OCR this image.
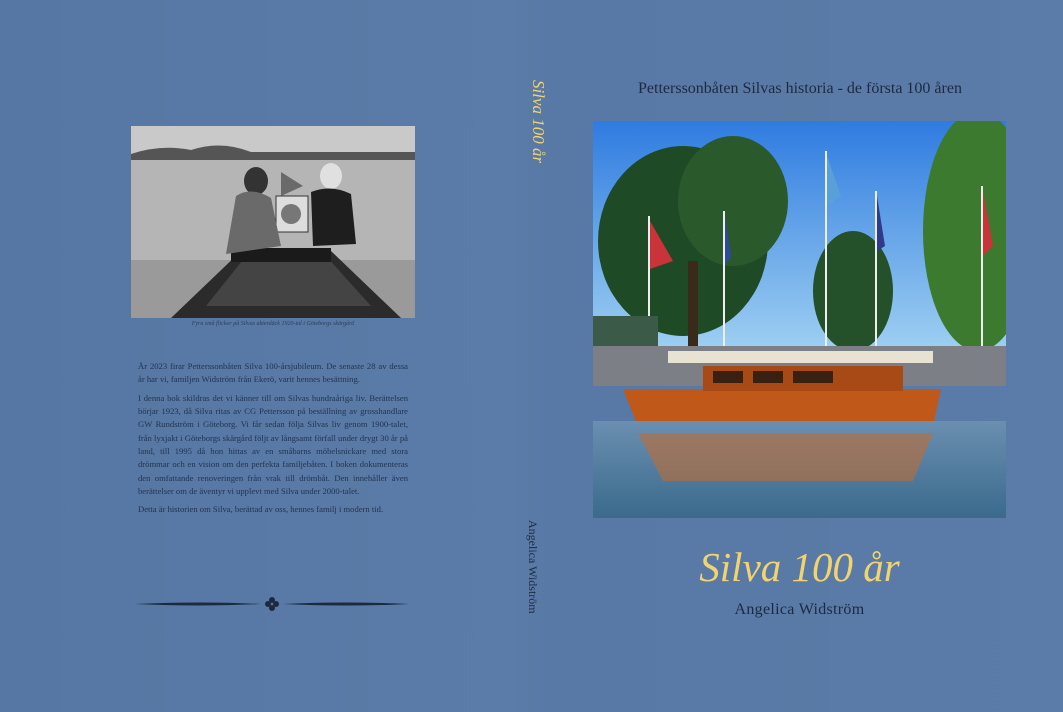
Fyra små flickor på Silvas akterdäck 1920-tal i Göteborgs skärgård

År 2023 firar Petterssonbåten Silva 100-årsjubileum. De senaste 28 av dessa år har vi, familjen Widström från Ekerö, varit hennes besättning.

I denna bok skildras det vi känner till om Silvas hundraåriga liv. Berättelsen börjar 1923, då Silva ritas av CG Pettersson på beställning av grosshandlare GW Rundström i Göteborg. Vi får sedan följa Silvas liv genom 1900-talet, från lyxjakt i Göteborgs skärgård följt av långsamt förfall under drygt 30 år på land, till 1995 då hon hittas av en småbarns möbelsnickare med stora drömmar och en vision om den perfekta familjebåten. I boken dokumenteras den omfattande renoveringen från vrak till drömbåt. Den innehåller även berättelser om de äventyr vi upplevt med Silva under 2000-talet.

Detta är historien om Silva, berättad av oss, hennes familj i modern tid.

Silva 100 år
Angelica Widström
Petterssonbåten Silvas historia - de första 100 åren
Silva 100 år
Angelica Widström
